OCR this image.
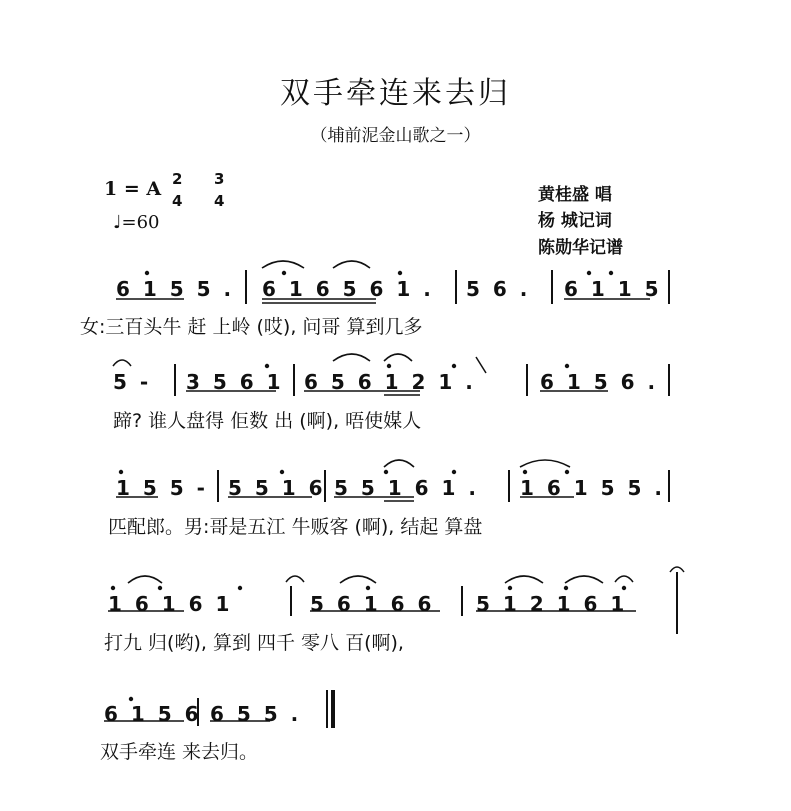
双手牵连来去归
（埔前泥金山歌之一）
1 = A 2
4
3
4
♩=60
黄桂盛 唱
杨 城记词
陈勋华记谱
6 1 5 5 . 6 1 6 5 6 1 . 5 6 . 6 1 1 5
女:三百头牛 赶 上岭 (哎), 问哥 算到几多
5 - 3 5 6 1 6 5 6 1 2 1 .	6 1 5 6 .
蹄? 谁人盘得 佢数 出 (啊), 唔使媒人
1 5 5 - 5 5 1 6 5 5 1 6 1 . 1 6 1 5 5 .
匹配郎。男:哥是五江 牛贩客 (啊), 结起 算盘
1 6 1 6 1	5 6 1 6 6 5 1 2 1 6 1
打九 归(哟), 算到 四千 零八 百(啊),
6 1 5 6 6 5 5 .
双手牵连 来去归。
